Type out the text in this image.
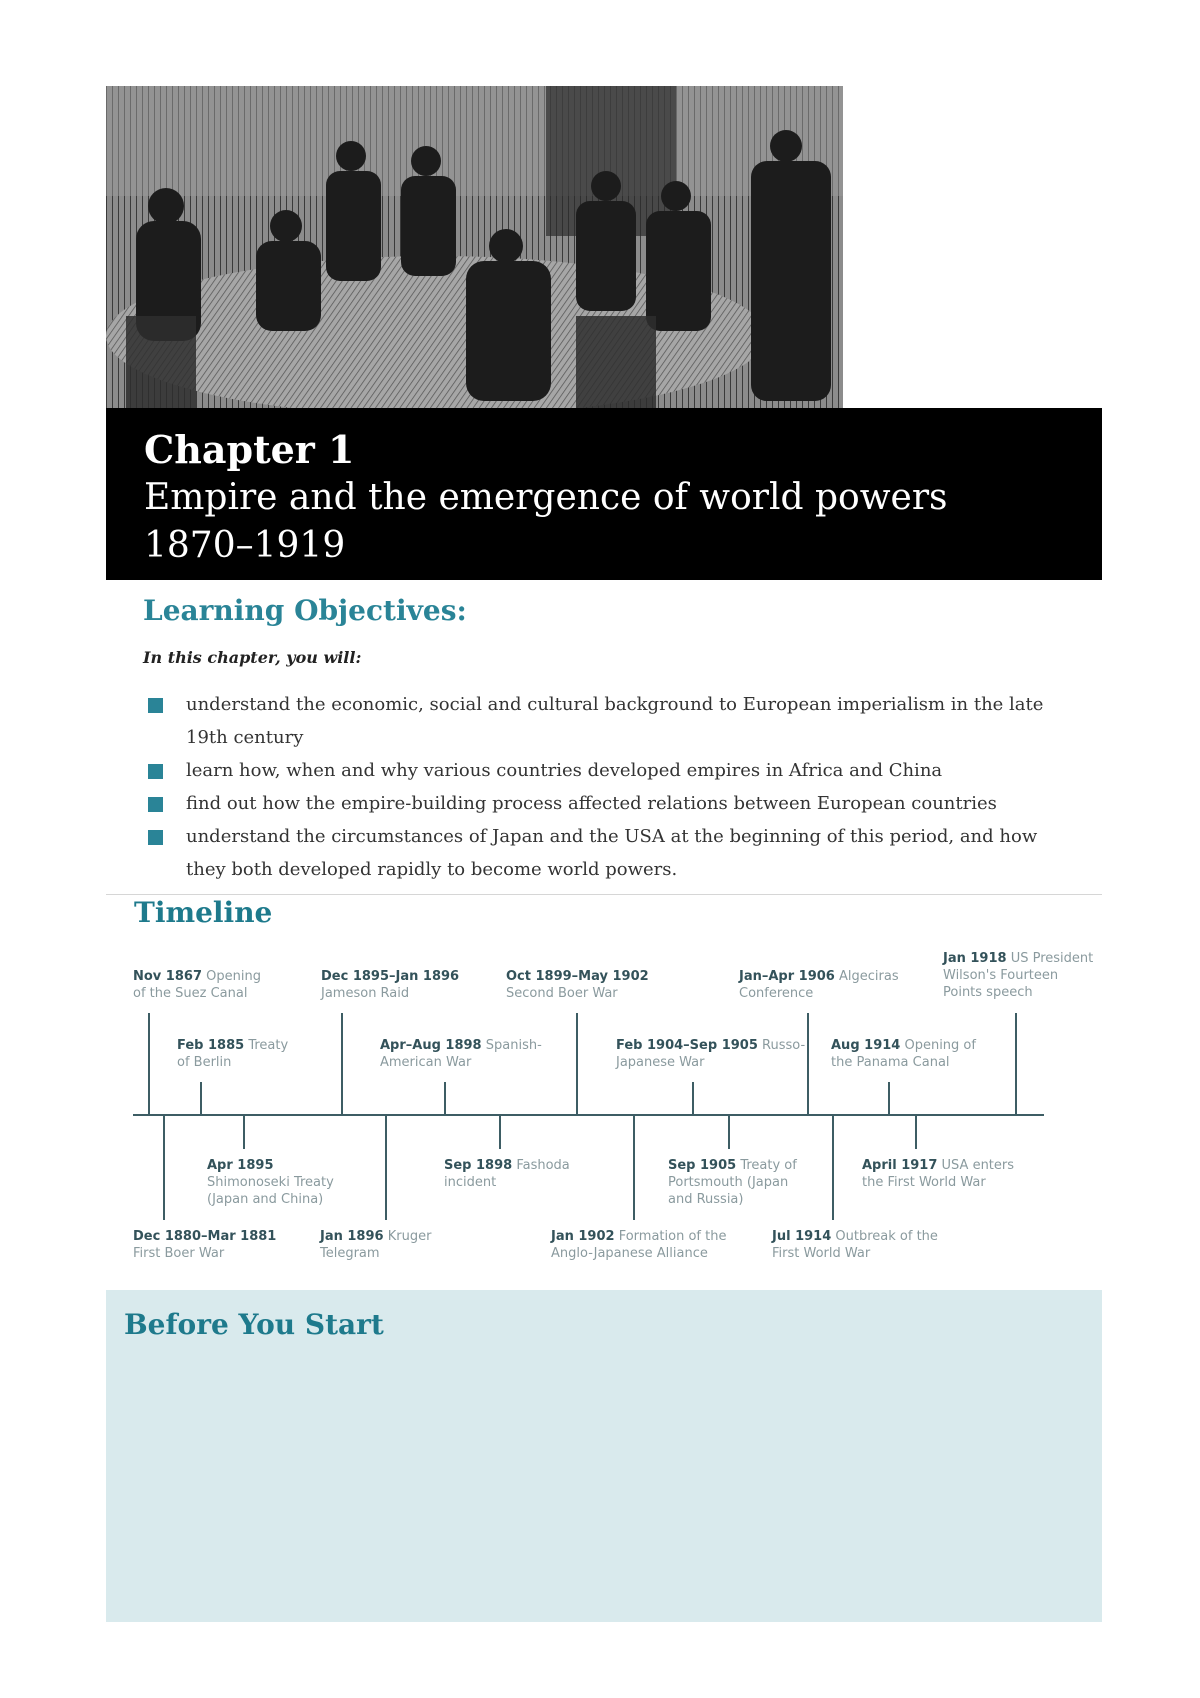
Chapter 1

Empire and the emergence of world powers

1870–1919

Learning Objectives:

In this chapter, you will:

understand the economic, social and cultural background to European imperialism in the late
19th century
learn how, when and why various countries developed empires in Africa and China
find out how the empire-building process affected relations between European countries
understand the circumstances of Japan and the USA at the beginning of this period, and how
they both developed rapidly to become world powers.
Timeline
Nov 1867 Opening
of the Suez Canal
Feb 1885 Treaty
of Berlin
Dec 1895–Jan 1896
Jameson Raid
Apr–Aug 1898 Spanish-
American War
Oct 1899–May 1902
Second Boer War
Feb 1904–Sep 1905 Russo-
Japanese War
Jan–Apr 1906 Algeciras
Conference
Aug 1914 Opening of
the Panama Canal
Jan 1918 US President
Wilson's Fourteen
Points speech
Apr 1895
Shimonoseki Treaty
(Japan and China)
Sep 1898 Fashoda
incident
Sep 1905 Treaty of
Portsmouth (Japan
and Russia)
April 1917 USA enters
the First World War
Dec 1880–Mar 1881
First Boer War
Jan 1896 Kruger
Telegram
Jan 1902 Formation of the
Anglo-Japanese Alliance
Jul 1914 Outbreak of the
First World War
Before You Start
